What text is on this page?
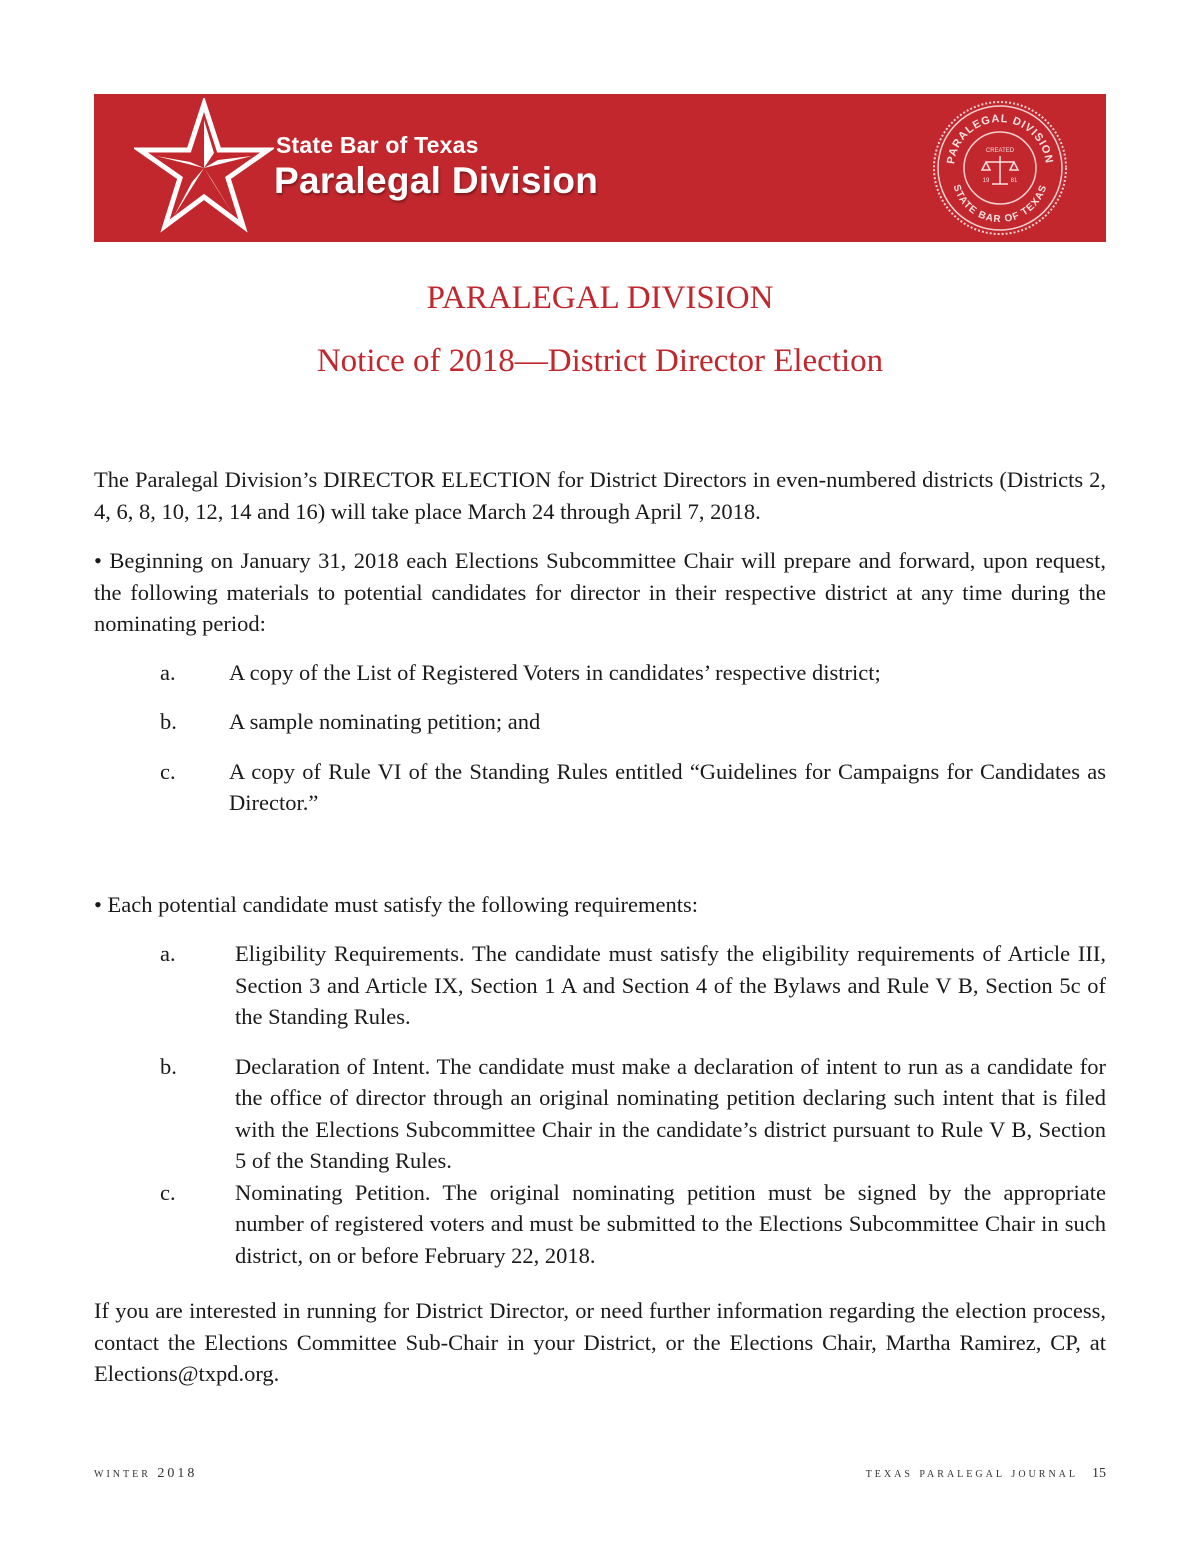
State Bar of Texas
Paralegal Division	PARALEGAL DIVISION
STATE BAR OF TEXAS
CREATED
19	81
PARALEGAL DIVISION
Notice of 2018—District Director Election

The Paralegal Division’s DIRECTOR ELECTION for District Directors in even-numbered districts (Districts 2, 4, 6, 8, 10, 12, 14 and 16) will take place March 24 through April 7, 2018.

• Beginning on January 31, 2018 each Elections Subcommittee Chair will prepare and forward, upon request, the following materials to potential candidates for director in their respective district at any time during the nominating period:

a.	A copy of the List of Registered Voters in candidates’ respective district;
b.	A sample nominating petition; and
c.	A copy of Rule VI of the Standing Rules entitled “Guidelines for Campaigns for Candidates as Director.”

• Each potential candidate must satisfy the following requirements:

a.	Eligibility Requirements. The candidate must satisfy the eligibility requirements of Article III, Section 3 and Article IX, Section 1 A and Section 4 of the Bylaws and Rule V B, Section 5c of the Standing Rules.
b.	Declaration of Intent. The candidate must make a declaration of intent to run as a candidate for the office of director through an original nominating petition declaring such intent that is filed with the Elections Subcommittee Chair in the candidate’s district pursuant to Rule V B, Section 5 of the Standing Rules.
c.	Nominating Petition. The original nominating petition must be signed by the appropriate number of registered voters and must be submitted to the Elections Subcommittee Chair in such district, on or before February 22, 2018.

If you are interested in running for District Director, or need further information regarding the election process, contact the Elections Committee Sub-Chair in your District, or the Elections Chair, Martha Ramirez, CP, at Elections@txpd.org.

winter 2018	texas paralegal journal 15
